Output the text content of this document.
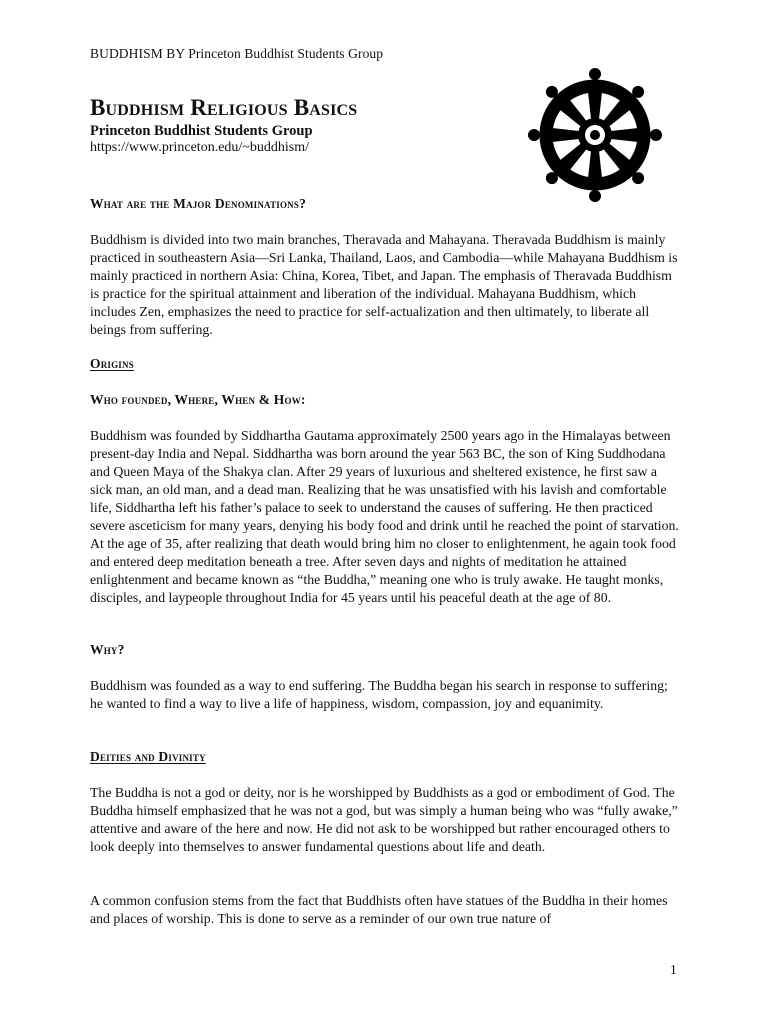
BUDDHISM BY Princeton Buddhist Students Group
Buddhism Religious Basics
Princeton Buddhist Students Group
https://www.princeton.edu/~buddhism/
What are the Major Denominations?

Buddhism is divided into two main branches, Theravada and Mahayana. Theravada Buddhism is mainly practiced in southeastern Asia—Sri Lanka, Thailand, Laos, and Cambodia—while Mahayana Buddhism is mainly practiced in northern Asia: China, Korea, Tibet, and Japan. The emphasis of Theravada Buddhism is practice for the spiritual attainment and liberation of the individual. Mahayana Buddhism, which includes Zen, emphasizes the need to practice for self-actualization and then ultimately, to liberate all beings from suffering.

Origins
Who founded, Where, When & How:

Buddhism was founded by Siddhartha Gautama approximately 2500 years ago in the Himalayas between present-day India and Nepal. Siddhartha was born around the year 563 BC, the son of King Suddhodana and Queen Maya of the Shakya clan. After 29 years of luxurious and sheltered existence, he first saw a sick man, an old man, and a dead man. Realizing that he was unsatisfied with his lavish and comfortable life, Siddhartha left his father’s palace to seek to understand the causes of suffering. He then practiced severe asceticism for many years, denying his body food and drink until he reached the point of starvation. At the age of 35, after realizing that death would bring him no closer to enlightenment, he again took food and entered deep meditation beneath a tree. After seven days and nights of meditation he attained enlightenment and became known as “the Buddha,” meaning one who is truly awake. He taught monks, disciples, and laypeople throughout India for 45 years until his peaceful death at the age of 80.

Why?

Buddhism was founded as a way to end suffering. The Buddha began his search in response to suffering; he wanted to find a way to live a life of happiness, wisdom, compassion, joy and equanimity.

Deities and Divinity

The Buddha is not a god or deity, nor is he worshipped by Buddhists as a god or embodiment of God. The Buddha himself emphasized that he was not a god, but was simply a human being who was “fully awake,” attentive and aware of the here and now. He did not ask to be worshipped but rather encouraged others to look deeply into themselves to answer fundamental questions about life and death.

A common confusion stems from the fact that Buddhists often have statues of the Buddha in their homes and places of worship. This is done to serve as a reminder of our own true nature of

1
